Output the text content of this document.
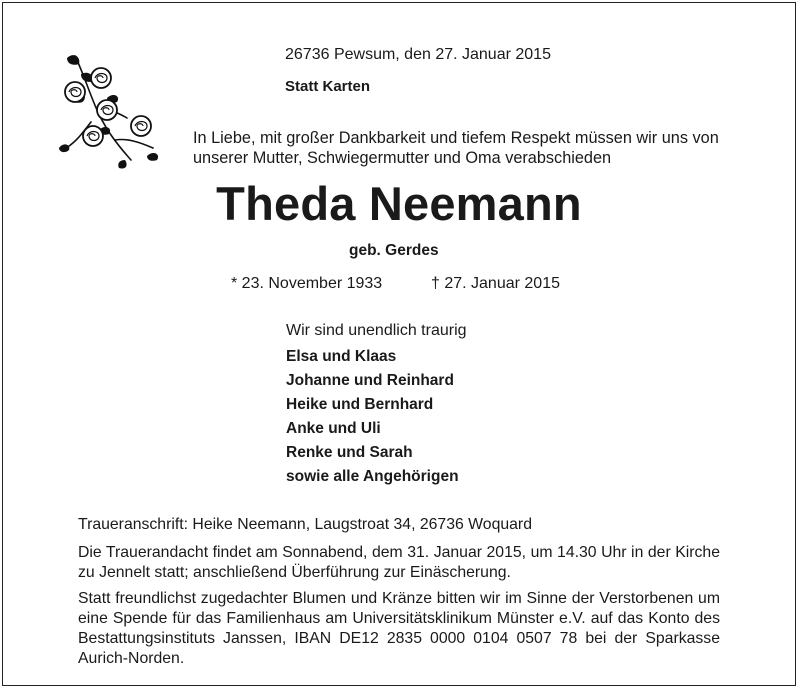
26736 Pewsum, den 27. Januar 2015
Statt Karten
In Liebe, mit großer Dankbarkeit und tiefem Respekt müssen wir uns von unserer Mutter, Schwiegermutter und Oma verabschieden
Theda Neemann
geb. Gerdes
* 23. November 1933	† 27. Januar 2015
Wir sind unendlich traurig
Elsa und Klaas
Johanne und Reinhard
Heike und Bernhard
Anke und Uli
Renke und Sarah
sowie alle Angehörigen
Traueranschrift: Heike Neemann, Laugstroat 34, 26736 Woquard
Die Trauerandacht findet am Sonnabend, dem 31. Januar 2015, um 14.30 Uhr in der Kirche zu Jennelt statt; anschließend Überführung zur Einäscherung.
Statt freundlichst zugedachter Blumen und Kränze bitten wir im Sinne der Verstorbenen um eine Spende für das Familienhaus am Universitätsklinikum Münster e.V. auf das Konto des Bestattungsinstituts Janssen, IBAN DE12 2835 0000 0104 0507 78 bei der Sparkasse Aurich-Norden.
